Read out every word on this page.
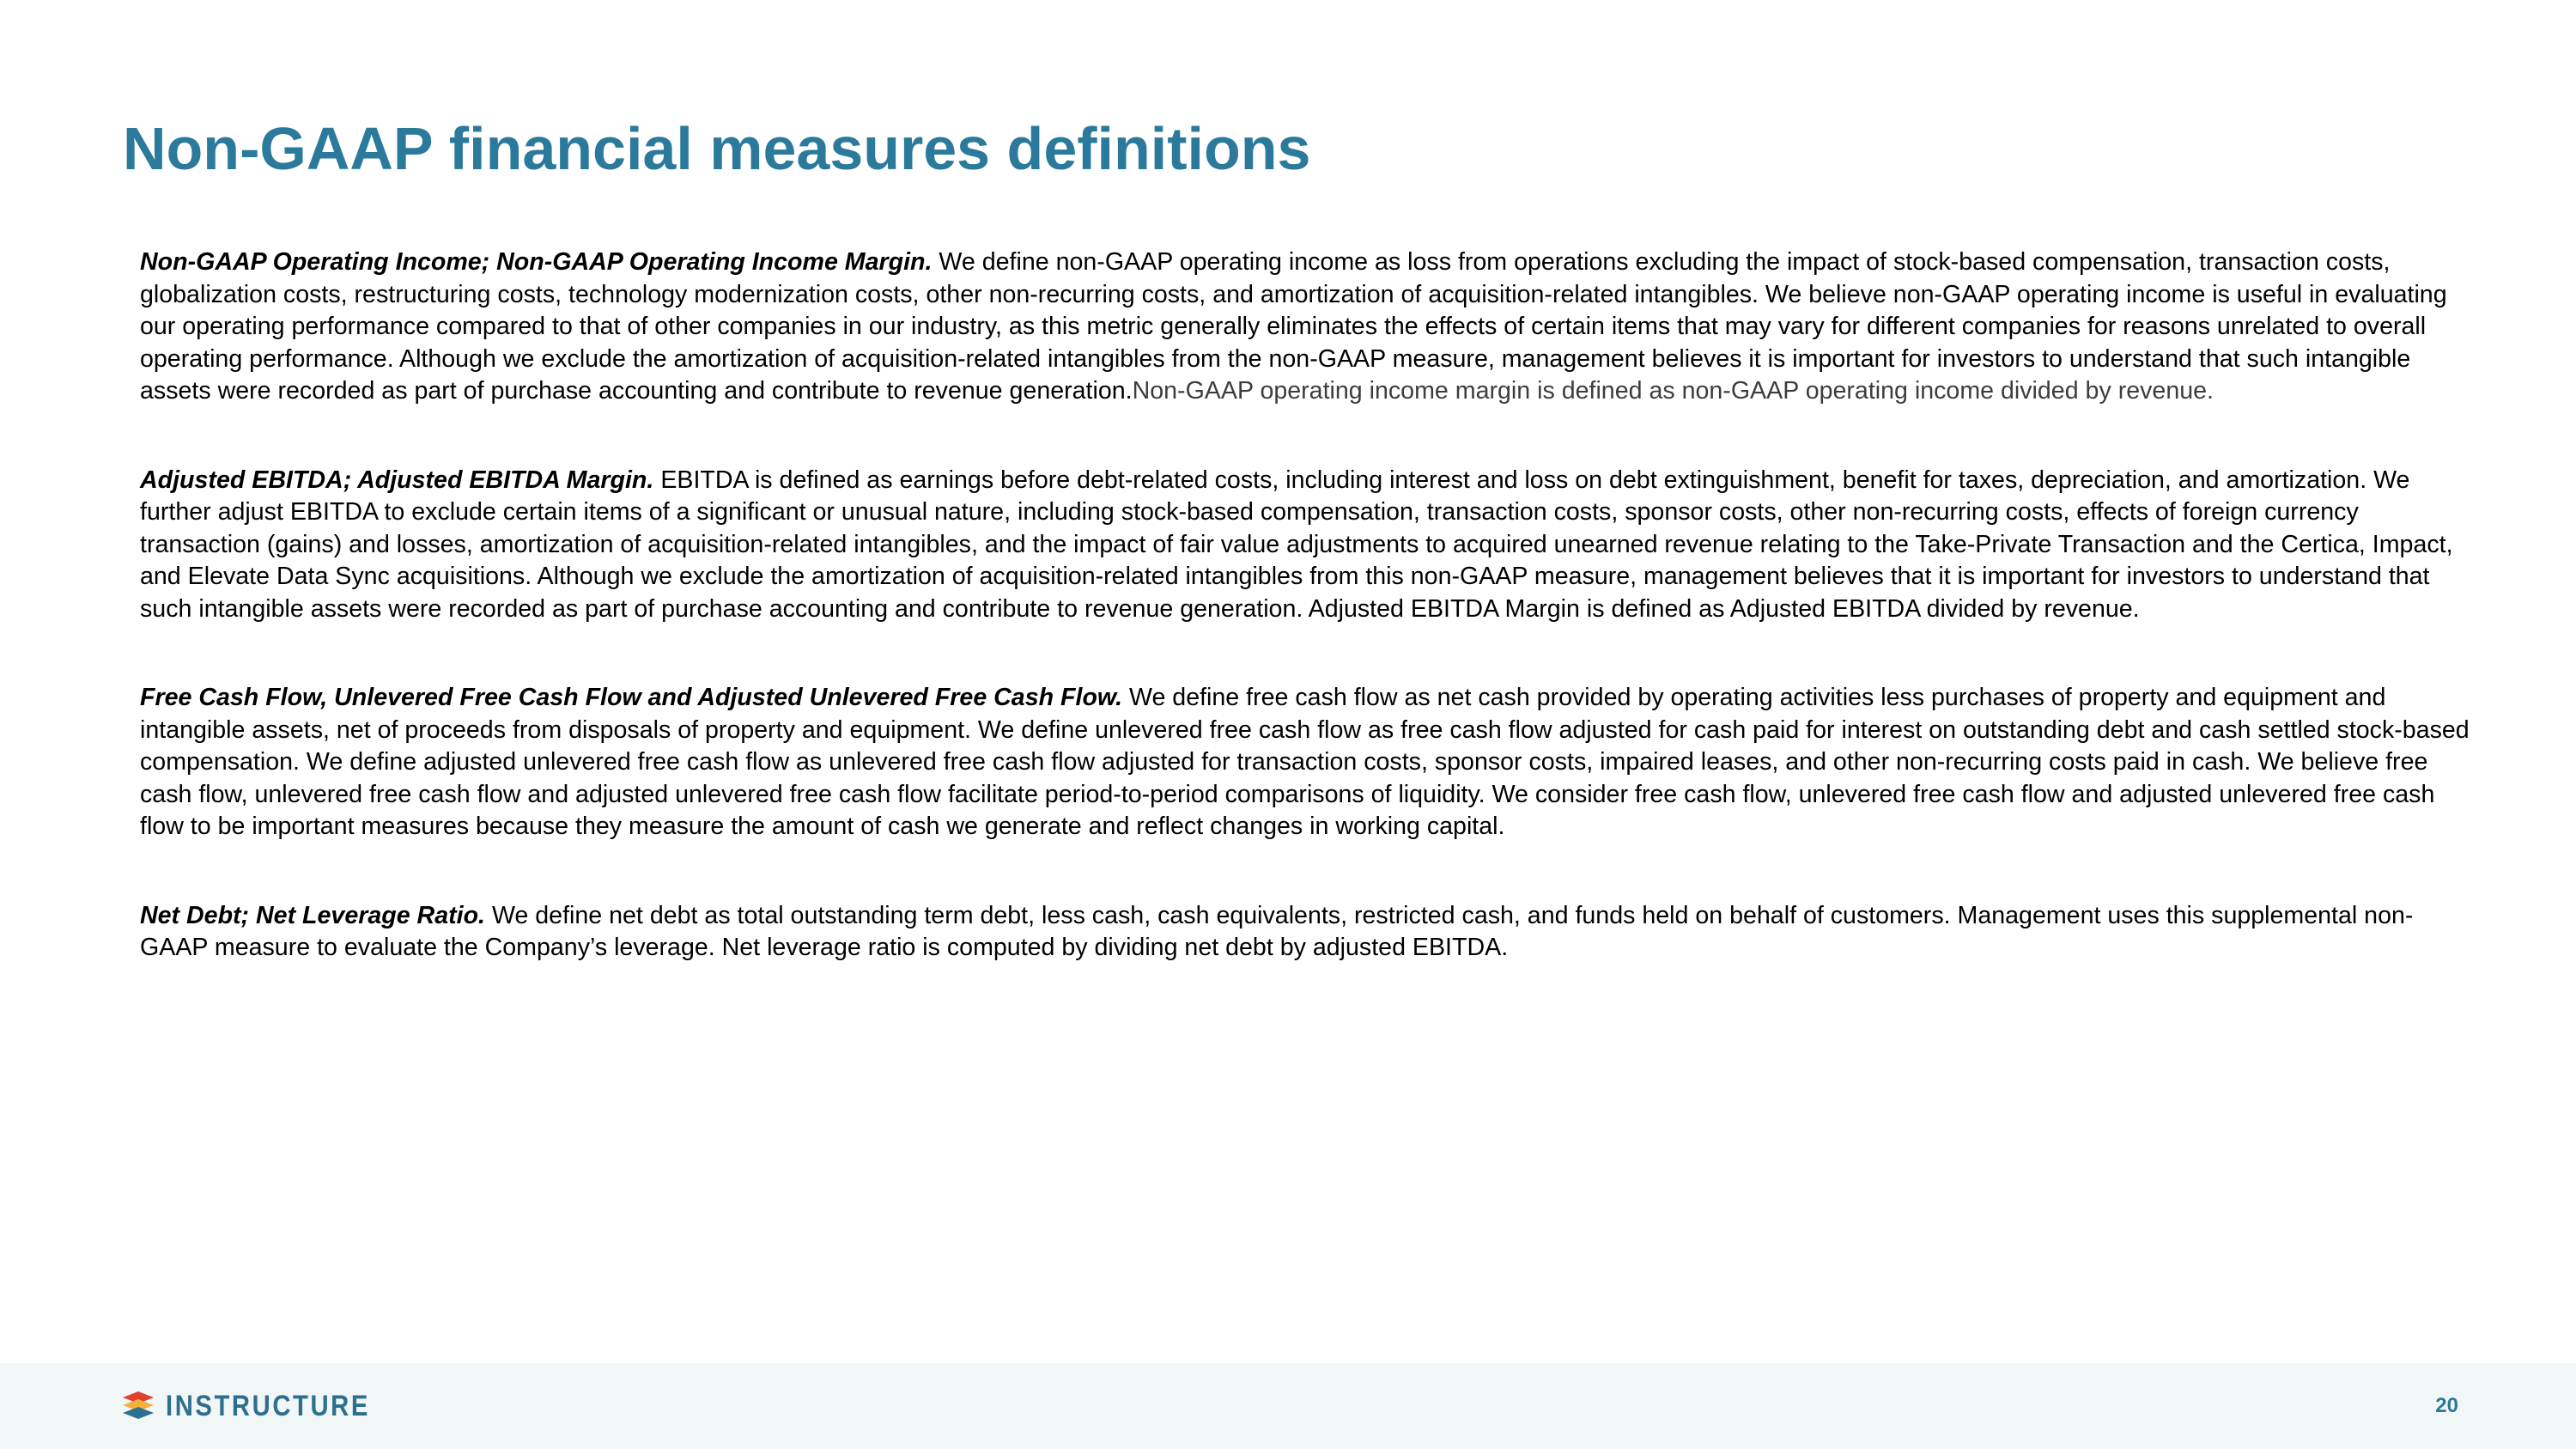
Non-GAAP financial measures definitions

Non-GAAP Operating Income; Non-GAAP Operating Income Margin. We define non-GAAP operating income as loss from operations excluding the impact of stock-based compensation, transaction costs, globalization costs, restructuring costs, technology modernization costs, other non-recurring costs, and amortization of acquisition-related intangibles. We believe non-GAAP operating income is useful in evaluating our operating performance compared to that of other companies in our industry, as this metric generally eliminates the effects of certain items that may vary for different companies for reasons unrelated to overall operating performance. Although we exclude the amortization of acquisition-related intangibles from the non-GAAP measure, management believes it is important for investors to understand that such intangible assets were recorded as part of purchase accounting and contribute to revenue generation.Non-GAAP operating income margin is defined as non-GAAP operating income divided by revenue.

Adjusted EBITDA; Adjusted EBITDA Margin. EBITDA is defined as earnings before debt-related costs, including interest and loss on debt extinguishment, benefit for taxes, depreciation, and amortization. We further adjust EBITDA to exclude certain items of a significant or unusual nature, including stock-based compensation, transaction costs, sponsor costs, other non-recurring costs, effects of foreign currency transaction (gains) and losses, amortization of acquisition-related intangibles, and the impact of fair value adjustments to acquired unearned revenue relating to the Take-Private Transaction and the Certica, Impact, and Elevate Data Sync acquisitions. Although we exclude the amortization of acquisition-related intangibles from this non-GAAP measure, management believes that it is important for investors to understand that such intangible assets were recorded as part of purchase accounting and contribute to revenue generation. Adjusted EBITDA Margin is defined as Adjusted EBITDA divided by revenue.

Free Cash Flow, Unlevered Free Cash Flow and Adjusted Unlevered Free Cash Flow. We define free cash flow as net cash provided by operating activities less purchases of property and equipment and intangible assets, net of proceeds from disposals of property and equipment. We define unlevered free cash flow as free cash flow adjusted for cash paid for interest on outstanding debt and cash settled stock-based compensation. We define adjusted unlevered free cash flow as unlevered free cash flow adjusted for transaction costs, sponsor costs, impaired leases, and other non-recurring costs paid in cash. We believe free cash flow, unlevered free cash flow and adjusted unlevered free cash flow facilitate period-to-period comparisons of liquidity. We consider free cash flow, unlevered free cash flow and adjusted unlevered free cash flow to be important measures because they measure the amount of cash we generate and reflect changes in working capital.

Net Debt; Net Leverage Ratio. We define net debt as total outstanding term debt, less cash, cash equivalents, restricted cash, and funds held on behalf of customers. Management uses this supplemental non-GAAP measure to evaluate the Company’s leverage. Net leverage ratio is computed by dividing net debt by adjusted EBITDA.

INSTRUCTURE	20
